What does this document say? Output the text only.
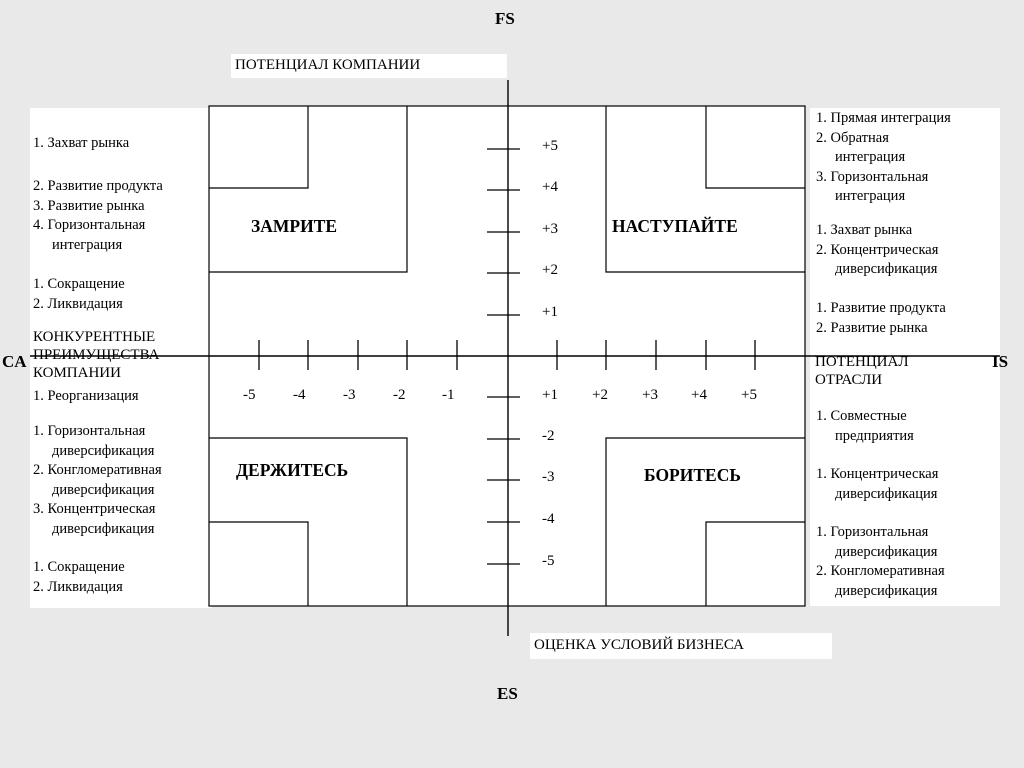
FS
ES
CA	IS
ПОТЕНЦИАЛ КОМПАНИИ
ОЦЕНКА УСЛОВИЙ БИЗНЕСА
КОНКУРЕНТНЫЕ
ПРЕИМУЩЕСТВА
КОМПАНИИ
ПОТЕНЦИАЛ
ОТРАСЛИ
ЗАМРИТЕ	НАСТУПАЙТЕ
ДЕРЖИТЕСЬ	БОРИТЕСЬ
+5
+4
+3
+2
+1
-5	-4	-3	-2 -1	+1 +2 +3 +4 +5
-2
-3
-4
-5
1. Захват рынка
2. Развитие продукта
3. Развитие рынка
4. Горизонтальная
интеграция
1. Сокращение
2. Ликвидация
1. Реорганизация
1. Горизонтальная
диверсификация
2. Конгломеративная
диверсификация
3. Концентрическая
диверсификация
1. Сокращение
2. Ликвидация
1. Прямая интеграция
2. Обратная
интеграция
3. Горизонтальная
интеграция
1. Захват рынка
2. Концентрическая
диверсификация
1. Развитие продукта
2. Развитие рынка
1. Совместные
предприятия
1. Концентрическая
диверсификация
1. Горизонтальная
диверсификация
2. Конгломеративная
диверсификация
